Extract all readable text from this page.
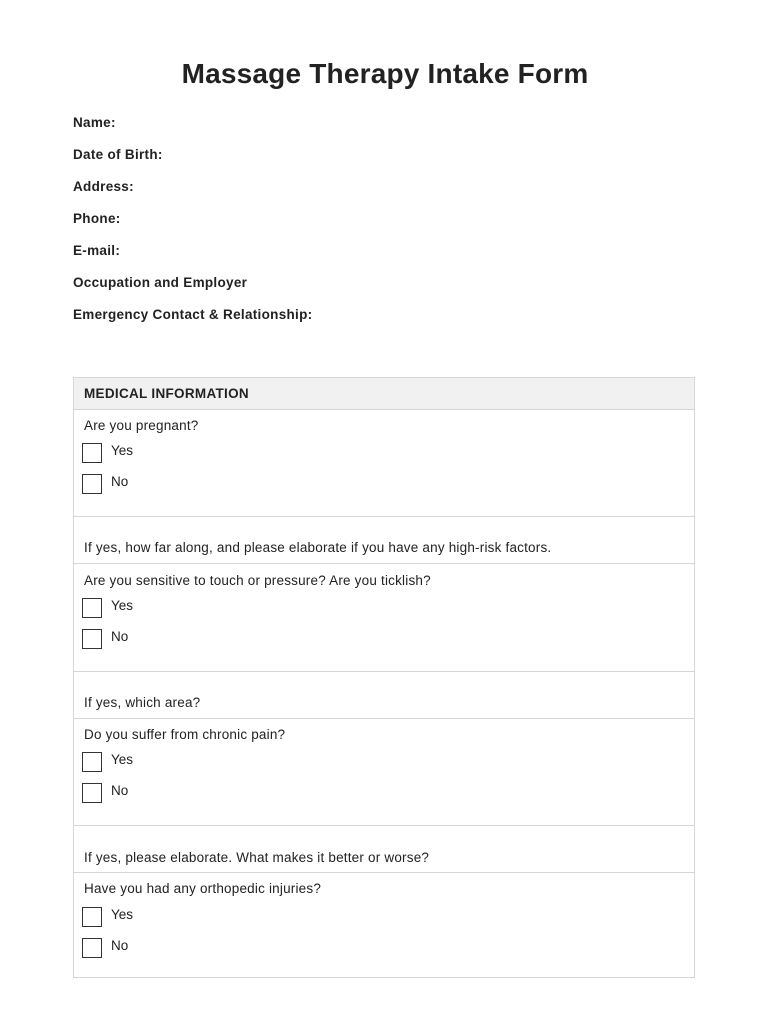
Massage Therapy Intake Form
Name:
Date of Birth:
Address:
Phone:
E-mail:
Occupation and Employer
Emergency Contact & Relationship:
MEDICAL INFORMATION
Are you pregnant?
Yes
No
If yes, how far along, and please elaborate if you have any high-risk factors.
Are you sensitive to touch or pressure? Are you ticklish?
Yes
No
If yes, which area?
Do you suffer from chronic pain?
Yes
No
If yes, please elaborate. What makes it better or worse?
Have you had any orthopedic injuries?
Yes
No
